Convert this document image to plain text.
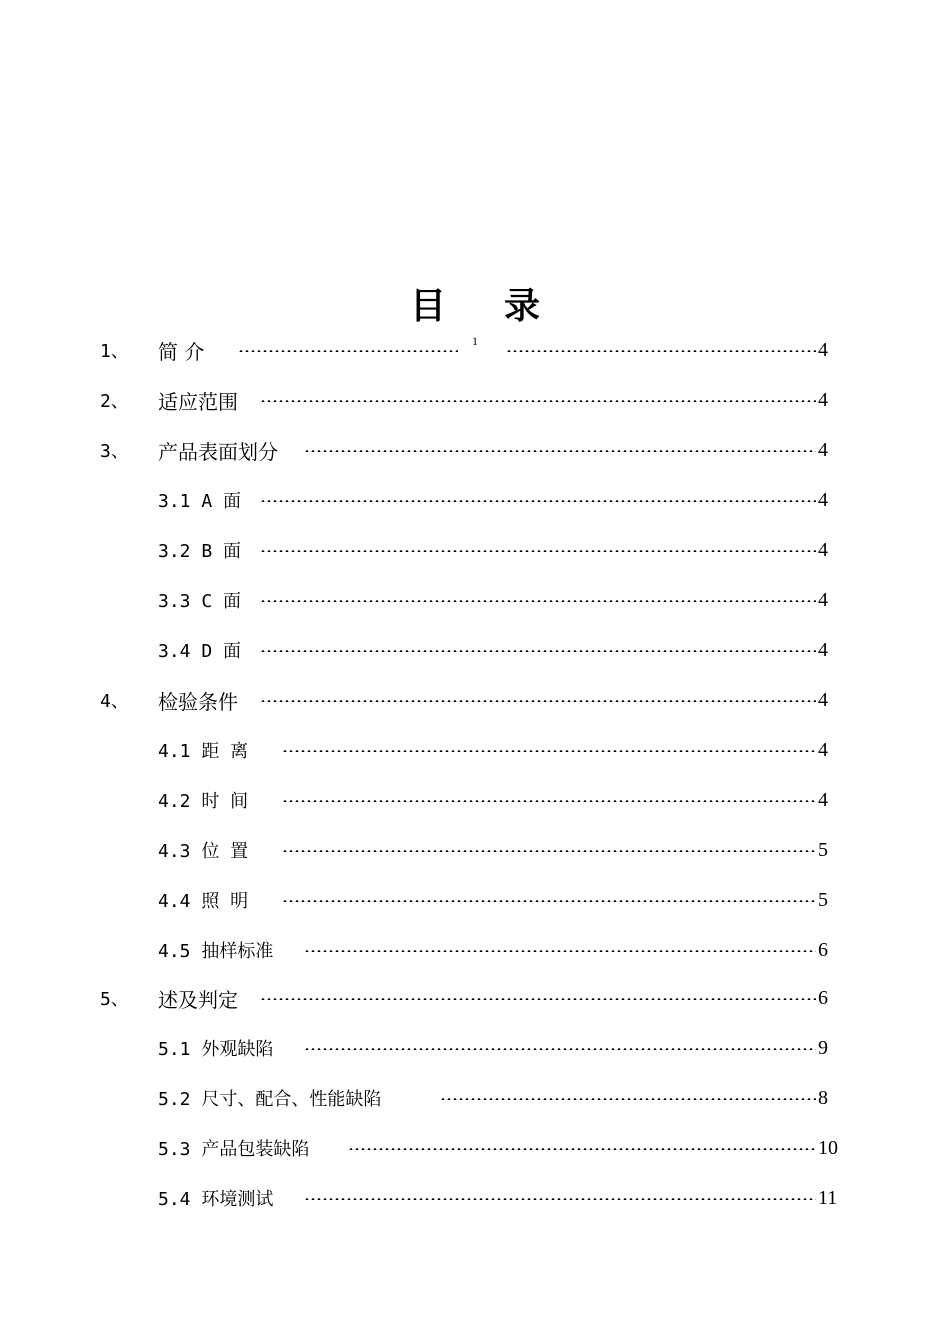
目 录
1
1、 简 介	4
2、 适应范围	4
3、 产品表面划分	4
3.1 A 面	4
3.2 B 面	4
3.3 C 面	4
3.4 D 面	4
4、 检验条件	4
4.1 距 离	4
4.2 时 间	4
4.3 位 置	5
4.4 照 明	5
4.5 抽样标准	6
5、 述及判定	6
5.1 外观缺陷	9
5.2 尺寸、配合、性能缺陷	8
5.3 产品包装缺陷	10
5.4 环境测试	11
